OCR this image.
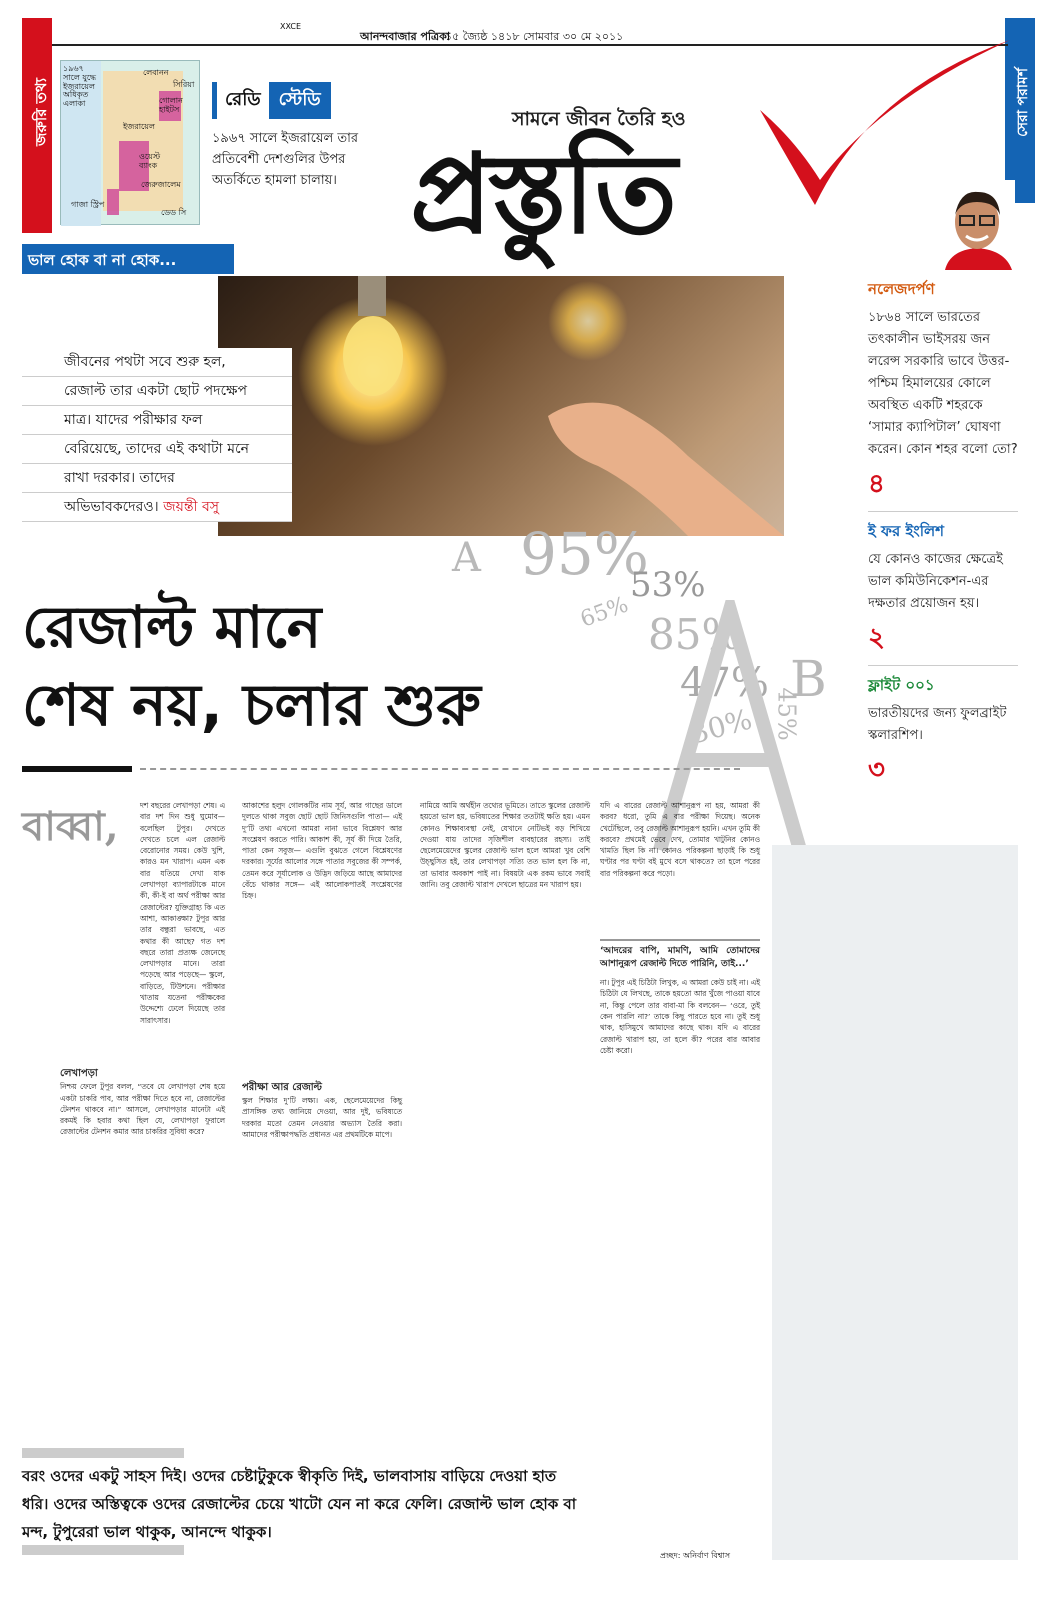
জরুরি তথ্য	সেরা পরামর্শ
XXCE
আনন্দবাজার পত্রিকা
১৫ জ্যৈষ্ঠ ১৪১৮ সোমবার ৩০ মে ২০১১
১৯৬৭ সালে যুদ্ধে ইজরায়েল অধিকৃত এলাকা
লেবানন
সিরিয়া
গোলান হাইটস
ইজরায়েল
ওয়েস্ট ব্যাংক
জেরুজালেম
গাজা স্ট্রিপ
ডেড সি
রেডি স্টেডি
১৯৬৭ সালে ইজরায়েল তার প্রতিবেশী দেশগুলির উপর অতর্কিতে হামলা চালায়।
সামনে জীবন তৈরি হও
প্রস্তুতি
ভাল হোক বা না হোক...
জীবনের পথটা সবে শুরু হল,
রেজাল্ট তার একটা ছোট পদক্ষেপ
মাত্র। যাদের পরীক্ষার ফল
বেরিয়েছে, তাদের এই কথাটা মনে
রাখা দরকার। তাদের
অভিভাবকদেরও। জয়ন্তী বসু
A 95%
65%
53%
85%
47%
30% 45%
B
রেজাল্ট মানে
শেষ নয়, চলার শুরু
নলেজদর্পণ
১৮৬৪ সালে ভারতের তৎকালীন ভাইসরয় জন লরেন্স সরকারি ভাবে উত্তর-পশ্চিম হিমালয়ের কোলে অবস্থিত একটি শহরকে ‘সামার ক্যাপিটাল’ ঘোষণা করেন। কোন শহর বলো তো?
৪
ই ফর ইংলিশ
যে কোনও কাজের ক্ষেত্রেই ভাল কমিউনিকেশন-এর দক্ষতার প্রয়োজন হয়।
২
ফ্লাইট ০০১
ভারতীয়দের জন্য ফুলব্রাইট স্কলারশিপ।
৩
বাব্বা,	দশ বছরের লেখাপড়া শেষ। এ বার দশ দিন শুধু ঘুমোব— বলেছিল টুপুর। দেখতে দেখতে চলে এল রেজাল্ট বেরোনোর সময়। কেউ খুশি, কারও মন খারাপ। এমন এক বার যতিয়ে দেখা যাক লেখাপড়া ব্যাপারটাকে মানে কী, কী-ই বা অর্থ পরীক্ষা আর রেজাল্টের? যুক্তিগ্রাহ্য কি এত আশা, আকাঙ্ক্ষা? টুপুর আর তার বন্ধুরা ভাবছে, এত কথার কী আছে? গত দশ বছরে তারা প্রত্যক্ষ জেনেছে লেখাপড়ার মানে। তারা পড়েছে আর পড়েছে— স্কুলে, বাড়িতে, টিউশনে। পরীক্ষার খাতায় যতেনা পরীক্ষকের উদ্দেশ্যে ঢেলে দিয়েছে তার সারাৎসার।
লেখাপড়া
নিশ্চয় ফেলে টুপুর বলল, “তবে যে লেখাপড়া শেষ হয়ে একটা চাকরি পাব, আর পরীক্ষা দিতে হবে না, রেজাল্টের টেনশন থাকবে না।” আসলে, লেখাপড়ার মানেটা এই রকমই কি হবার কথা ছিল যে, লেখাপড়া ফুরালে রেজাল্টের টেনশন কমার আর চাকরির সুবিধা করে?
আকাশের হলুদ গোলকটির নাম সূর্য, আর গাছের ডালে দুলতে থাকা সবুজ ছোট ছোট জিনিসগুলি পাতা— এই দু’টি তথ্য এখনো আমরা নানা ভাবে বিশ্লেষণ আর সংশ্লেষণ করতে পারি। আকাশ কী, সূর্য কী দিয়ে তৈরি, পাতা কেন সবুজ— এগুলি বুঝতে গেলে বিশ্লেষণের দরকার। সূর্যের আলোর সঙ্গে পাতার সবুজের কী সম্পর্ক, তেমন করে সূর্যালোক ও উদ্ভিদ জড়িয়ে আছে আমাদের বেঁচে থাকার সঙ্গে— এই আলোকপাতই সংশ্লেষণের চিহ্ন।
পরীক্ষা আর রেজাল্ট
স্কুল শিক্ষার দু’টি লক্ষ্য। এক, ছেলেমেয়েদের কিছু প্রাসঙ্গিক তথ্য জানিয়ে দেওয়া, আর দুই, ভবিষ্যতে দরকার মতো তেমন নেওয়ার অভ্যাস তৈরি করা। আমাদের পরীক্ষাপদ্ধতি প্রধানত এর প্রথমটিকে মাপে।
নামিয়ে আমি অর্থহীন তথ্যের ভূমিতে। তাতে স্কুলের রেজাল্ট হয়তো ভাল হয়, ভবিষ্যতের শিক্ষার ততটাই ক্ষতি হয়। এমন কোনও শিক্ষাব্যবস্থা নেই, যেখানে নেটিভই বড় শিখিয়ে দেওয়া যায় তাদের সৃজিশীল ব্যবহারের রহস্য। তাই ছেলেমেয়েদের স্কুলের রেজাল্ট ভাল হলে আমরা খুব বেশি উচ্ছ্বসিত হই, তার লেখাপড়া সত্যি তত ভাল হল কি না, তা ভাবার অবকাশ পাই না। বিষয়টা এক রকম ভাবে সবাই জানি। তবু রেজাল্ট খারাপ দেখলে ছাত্রের মন খারাপ হয়।
যদি এ বারের রেজাল্ট আশানুরূপ না হয়, আমরা কী করব? ধরো, তুমি এ বার পরীক্ষা দিয়েছ। অনেক খেটেছিলে, তবু রেজাল্ট আশানুরূপ হয়নি। এখন তুমি কী করবে? প্রথমেই ভেবে দেখ, তোমার খাটুনির কোনও খামতি ছিল কি না। কোনও পরিকল্পনা ছাড়াই কি শুধু ঘণ্টার পর ঘণ্টা বই মুখে বসে থাকতে? তা হলে পরের বার পরিকল্পনা করে পড়ো।
‘আদরের বাপি, মামণি, আমি তোমাদের আশানুরূপ রেজাল্ট দিতে পারিনি, তাই...’
না। টুপুর এই চিঠিটা লিখুক, এ আমরা কেউ চাই না। এই চিঠিটা যে লিখছে, তাকে হয়তো আর খুঁজে পাওয়া যাবে না, কিন্তু পেলে তার বাবা-মা কি বলবেন— ‘ওরে, তুই কেন পারলি না?’ তাকে কিছু পারতে হবে না। তুই শুধু থাক, হাসিমুখে আমাদের কাছে থাক। যদি এ বারের রেজাল্ট খারাপ হয়, তা হলে কী? পরের বার আবার চেষ্টা করো।
বরং ওদের একটু সাহস দিই। ওদের চেষ্টাটুকুকে স্বীকৃতি দিই, ভালবাসায় বাড়িয়ে দেওয়া হাত ধরি। ওদের অস্তিত্বকে ওদের রেজাল্টের চেয়ে খাটো যেন না করে ফেলি। রেজাল্ট ভাল হোক বা মন্দ, টুপুরেরা ভাল থাকুক, আনন্দে থাকুক।
প্রচ্ছদ: অনির্বাণ বিশ্বাস
